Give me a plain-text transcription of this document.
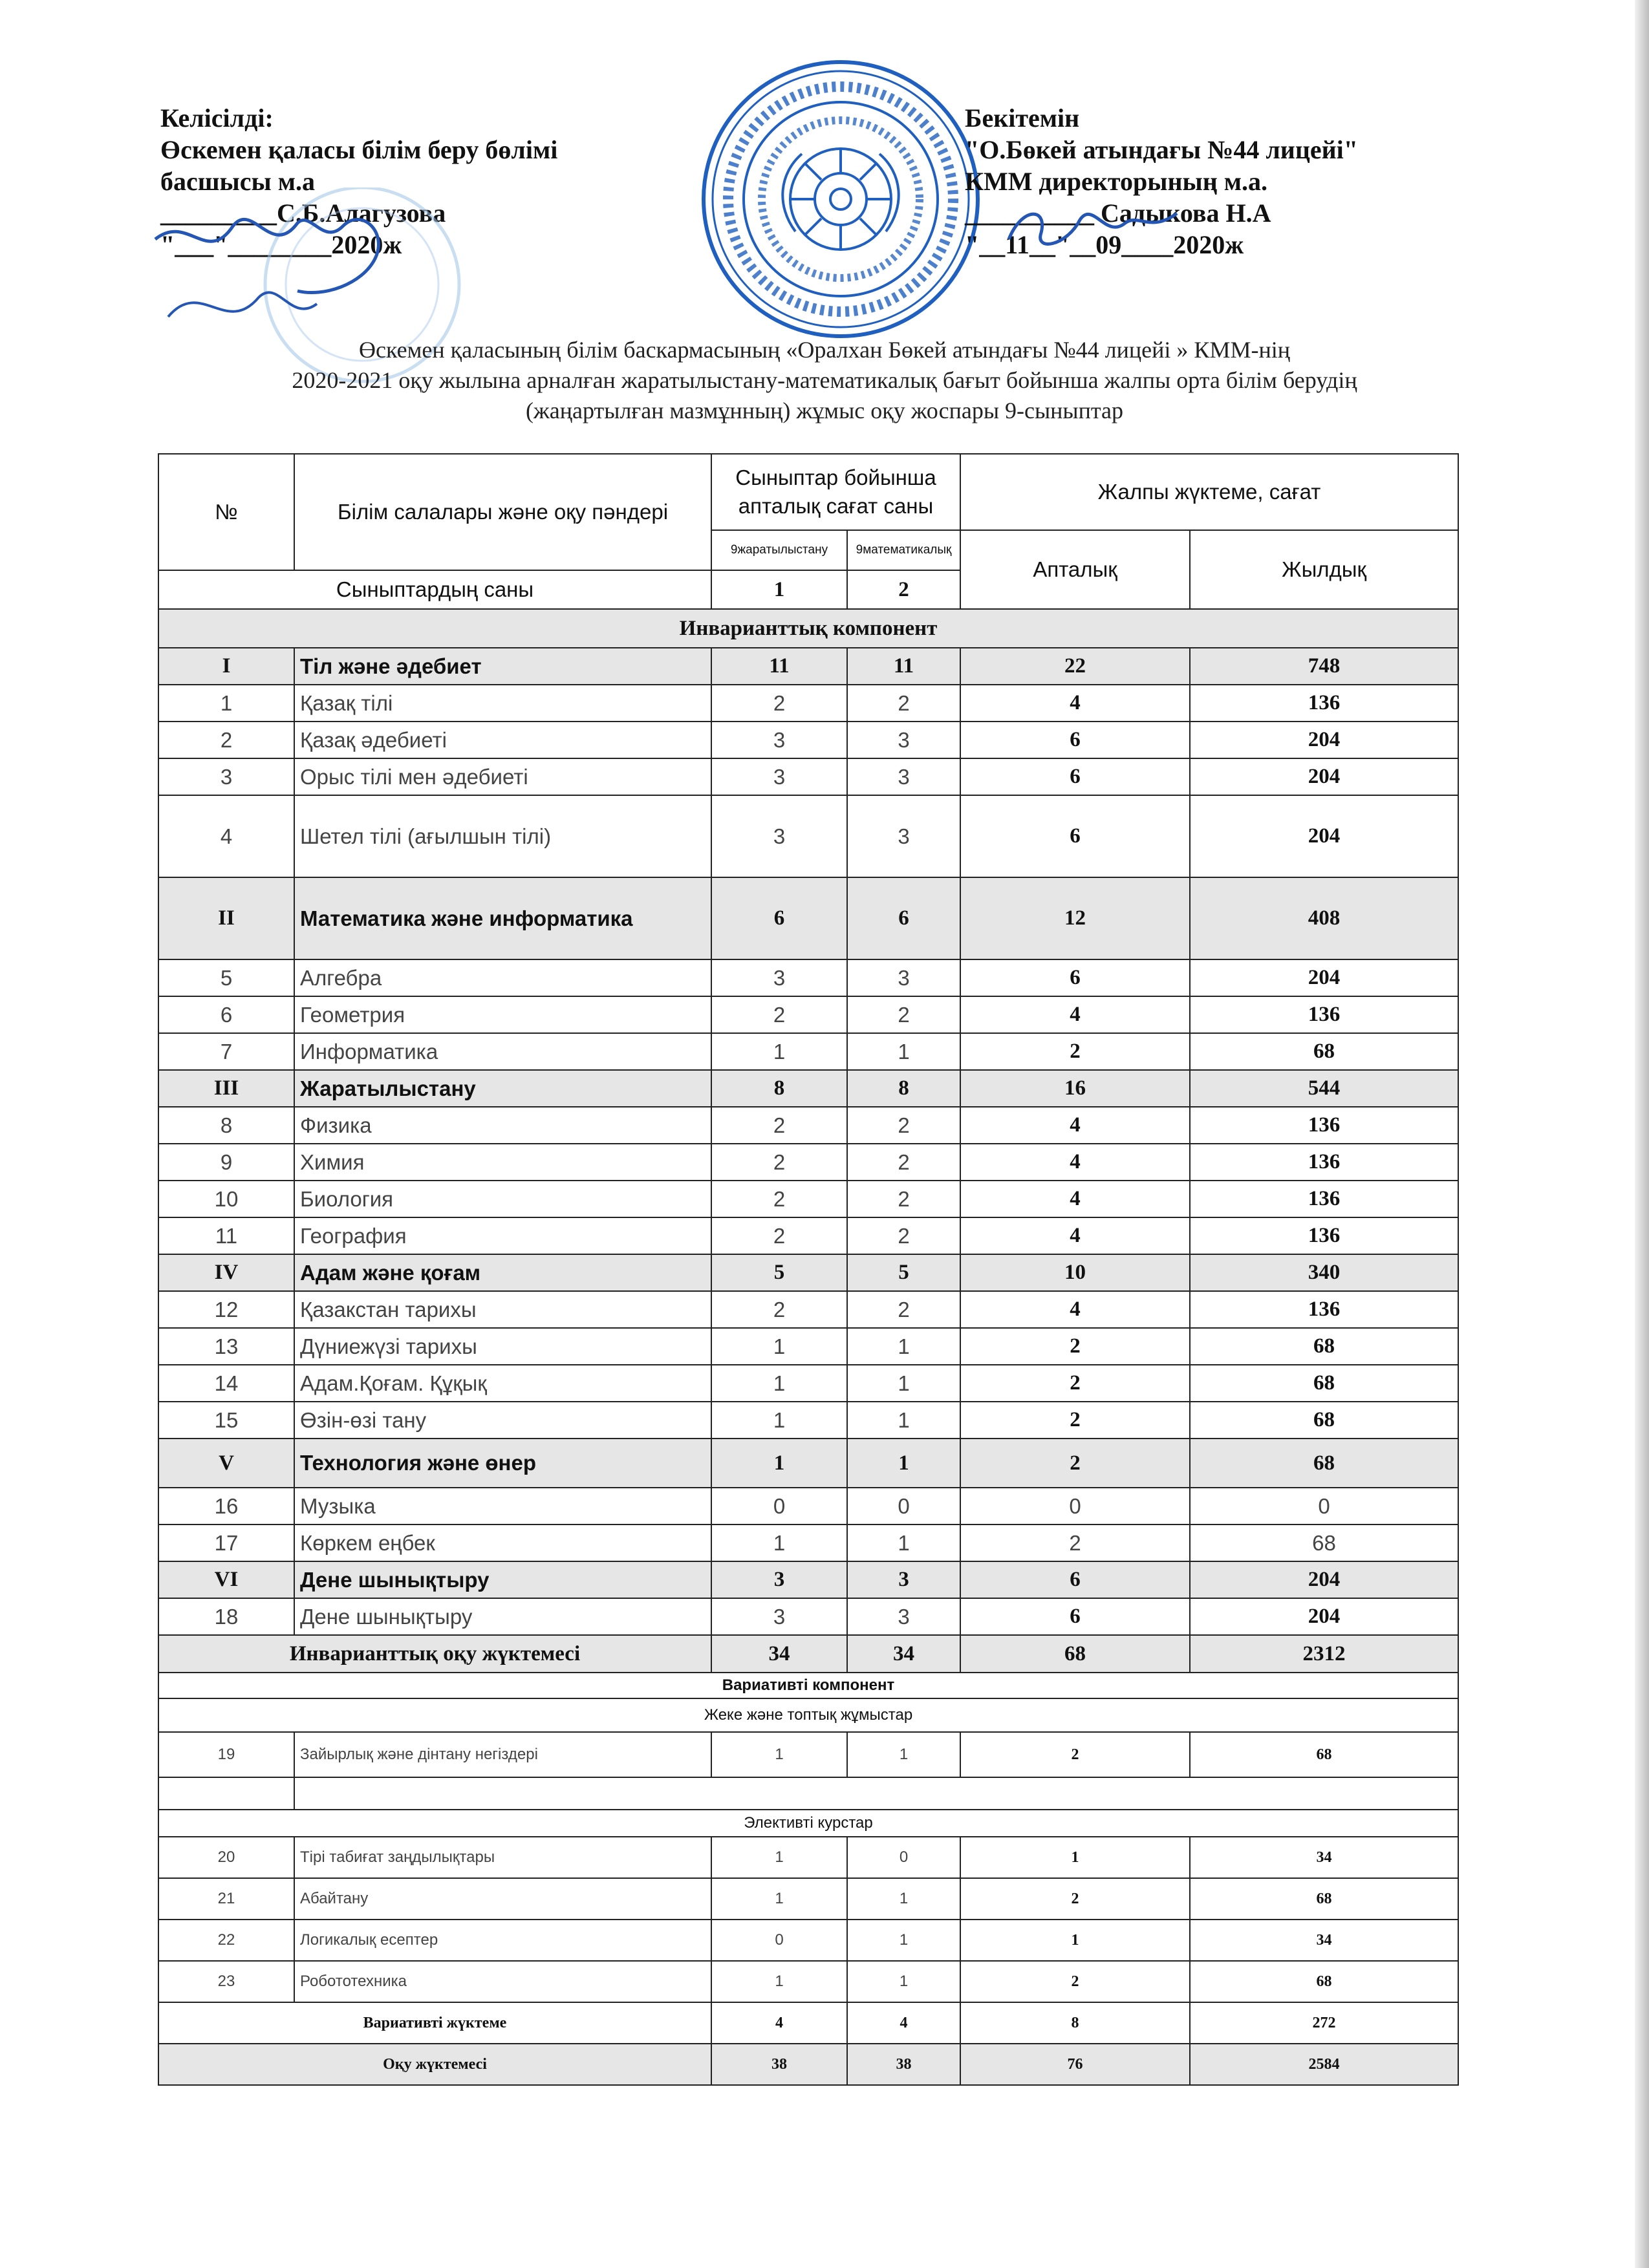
Келісілді:
Өскемен қаласы білім беру бөлімі
басшысы м.а
_________С.Б.Алагузова
"___"________2020ж
Бекітемін
"О.Бөкей атындағы №44 лицейі"
КММ директорының м.а.
__________ Садыкова Н.А
"__11__"__09____2020ж
Өскемен қаласының білім баскармасының «Оралхан Бөкей атындағы №44 лицейі » КММ-нің
2020-2021 оқу жылына арналған жаратылыстану-математикалық бағыт бойынша жалпы орта білім берудің
(жаңартылған мазмұнның) жұмыс оқу жоспары 9-сыныптар
№	Білім салалары және оқу пәндері	Сыныптар бойынша апталық сағат саны		Жалпы жүктеме, сағат	
		9жаратылыстану	9математикалық	Апталық	Жылдық
Сыныптардың саны		1	2		
Инварианттық компонент					
I	Тіл және әдебиет	11	11	22	748
1	Қазақ тілі	2	2	4	136
2	Қазақ әдебиеті	3	3	6	204
3	Орыс тілі мен әдебиеті	3	3	6	204
4	Шетел тілі (ағылшын тілі)	3	3	6	204
II	Математика және информатика	6	6	12	408
5	Алгебра	3	3	6	204
6	Геометрия	2	2	4	136
7	Информатика	1	1	2	68
III	Жаратылыстану	8	8	16	544
8	Физика	2	2	4	136
9	Химия	2	2	4	136
10	Биология	2	2	4	136
11	География	2	2	4	136
IV	Адам және қоғам	5	5	10	340
12	Қазакстан тарихы	2	2	4	136
13	Дүниежүзі тарихы	1	1	2	68
14	Адам.Қоғам. Құқық	1	1	2	68
15	Өзін-өзі тану	1	1	2	68
V	Технология және өнер	1	1	2	68
16	Музыка	0	0	0	0
17	Көркем еңбек	1	1	2	68
VI	Дене шынықтыру	3	3	6	204
18	Дене шынықтыру	3	3	6	204
Инварианттық оқу жүктемесі		34	34	68	2312
Вариативті компонент					
Жеке және топтық жұмыстар					
19	Зайырлық және дінтану негіздері	1	1	2	68

Элективті курстар					
20	Тірі табиғат заңдылықтары	1	0	1	34
21	Абайтану	1	1	2	68
22	Логикалық есептер	0	1	1	34
23	Робототехника	1	1	2	68
Вариативті жүктеме		4	4	8	272
Оқу жүктемесі		38	38	76	2584
